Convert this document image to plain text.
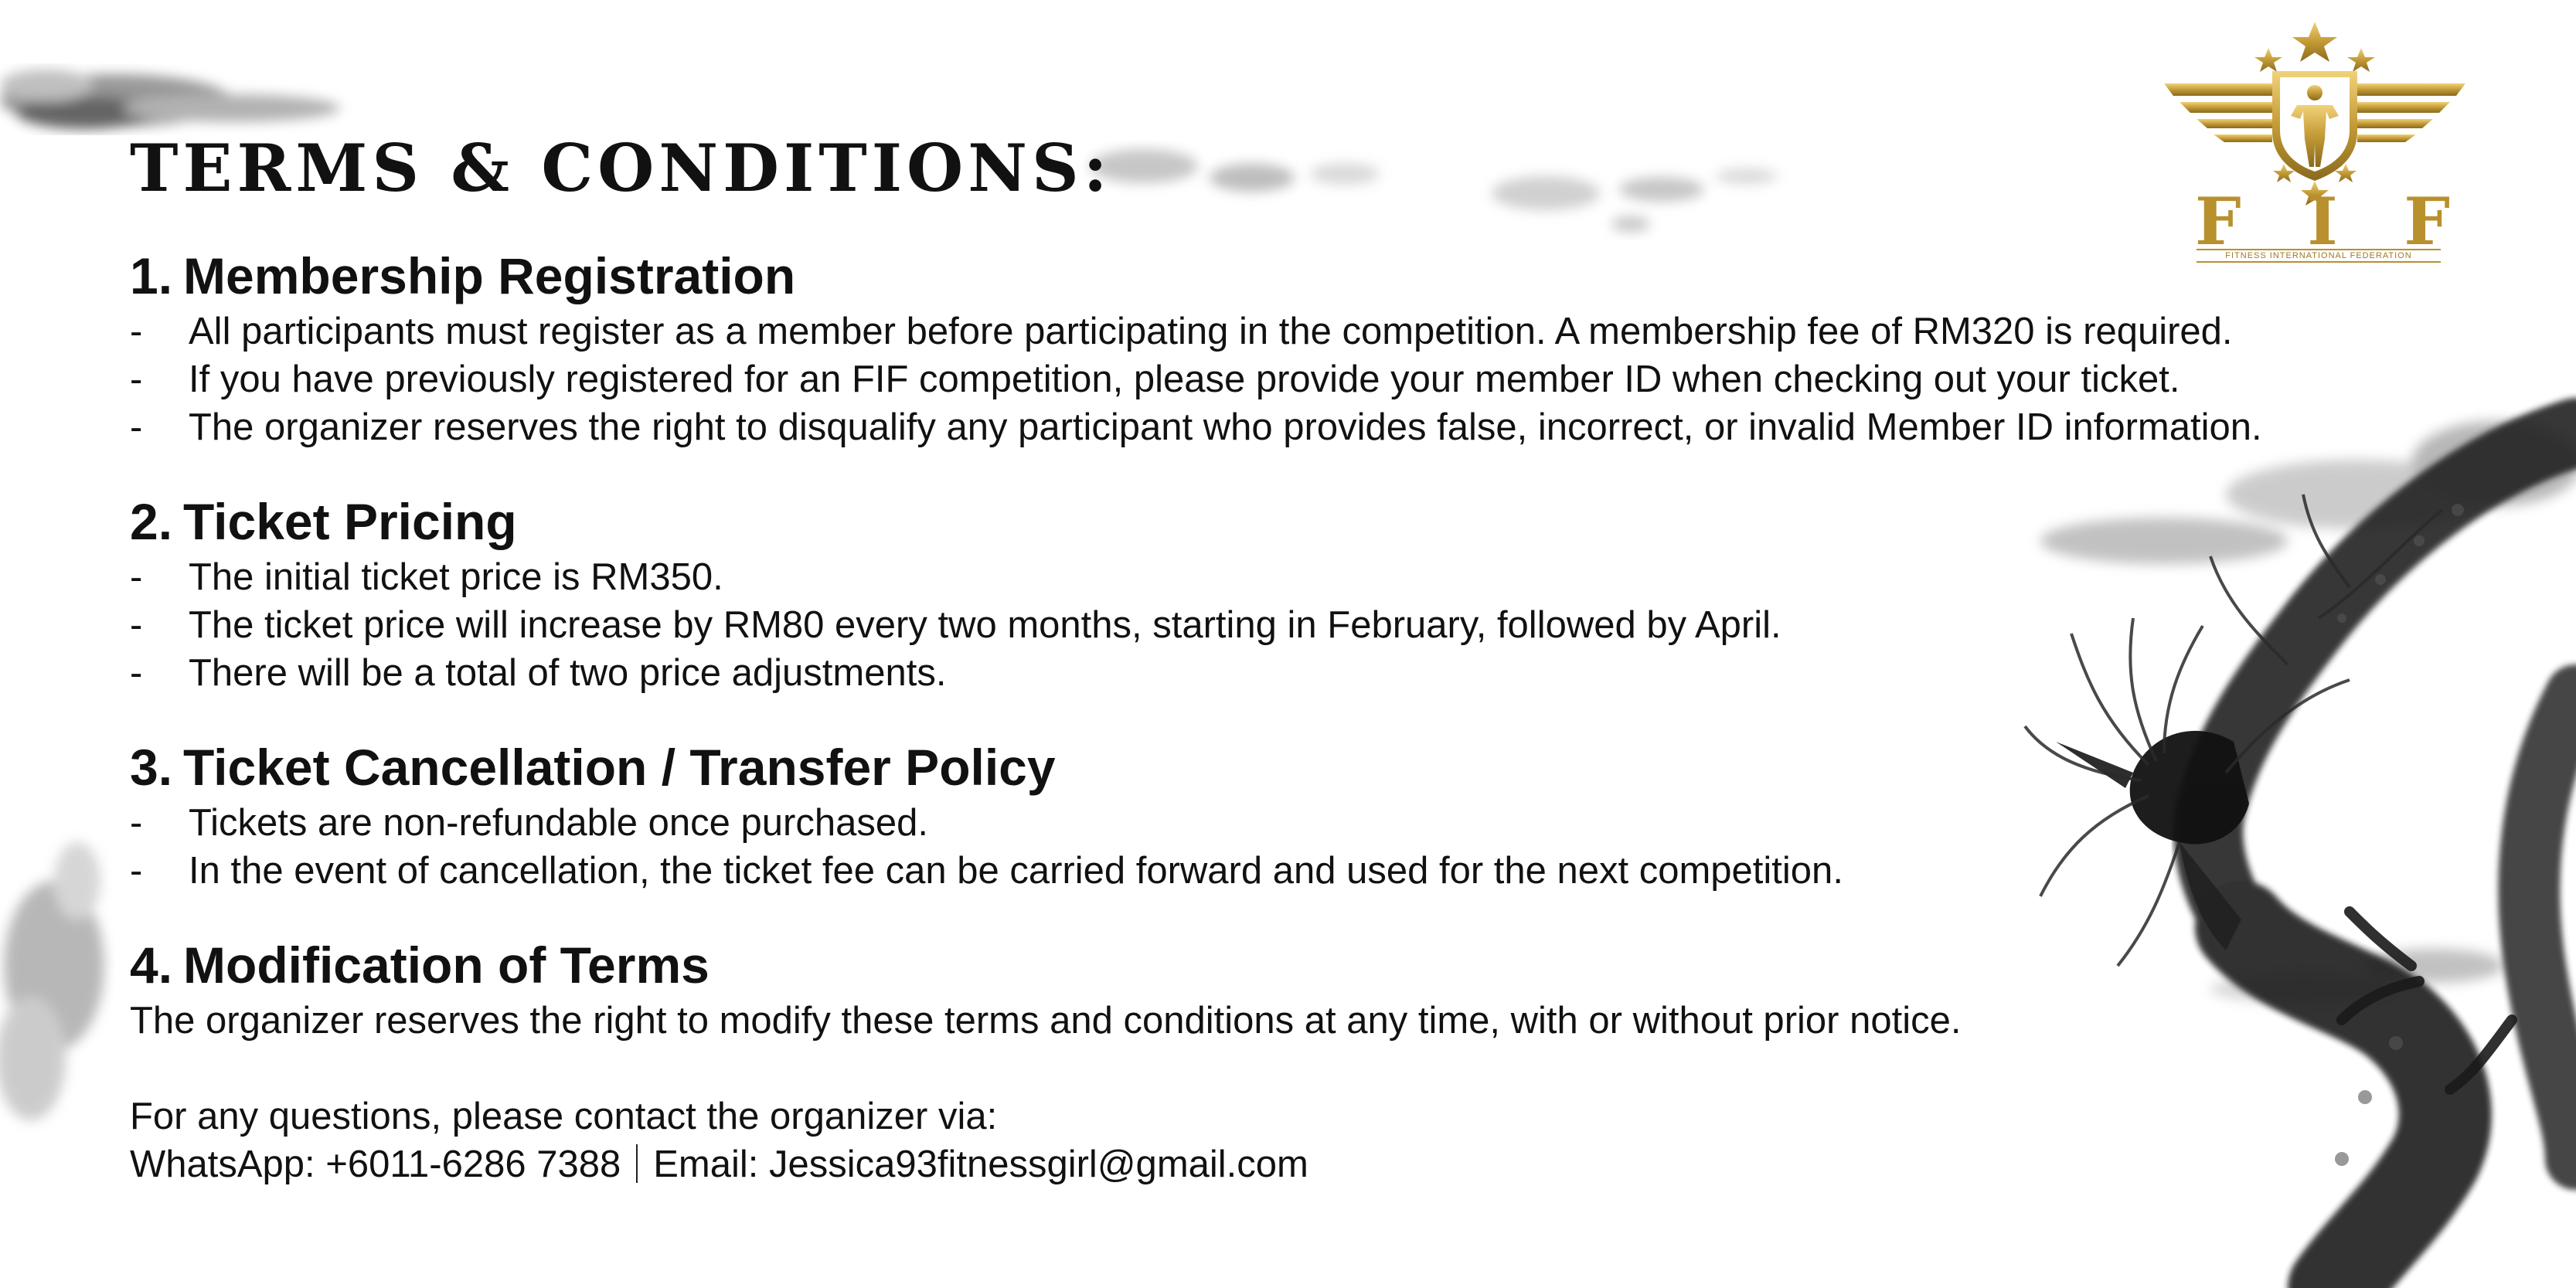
F I F
FITNESS INTERNATIONAL FEDERATION
TERMS & CONDITIONS:
1. Membership Registration
-	All participants must register as a member before participating in the competition. A membership fee of RM320 is required.
-	If you have previously registered for an FIF competition, please provide your member ID when checking out your ticket.
-	The organizer reserves the right to disqualify any participant who provides false, incorrect, or invalid Member ID information.
2. Ticket Pricing
-	The initial ticket price is RM350.
-	The ticket price will increase by RM80 every two months, starting in February, followed by April.
-	There will be a total of two price adjustments.
3. Ticket Cancellation / Transfer Policy
-	Tickets are non-refundable once purchased.
-	In the event of cancellation, the ticket fee can be carried forward and used for the next competition.
4. Modification of Terms
The organizer reserves the right to modify these terms and conditions at any time, with or without prior notice.
For any questions, please contact the organizer via:
WhatsApp: +6011-6286 7388 Email: Jessica93fitnessgirl@gmail.com
